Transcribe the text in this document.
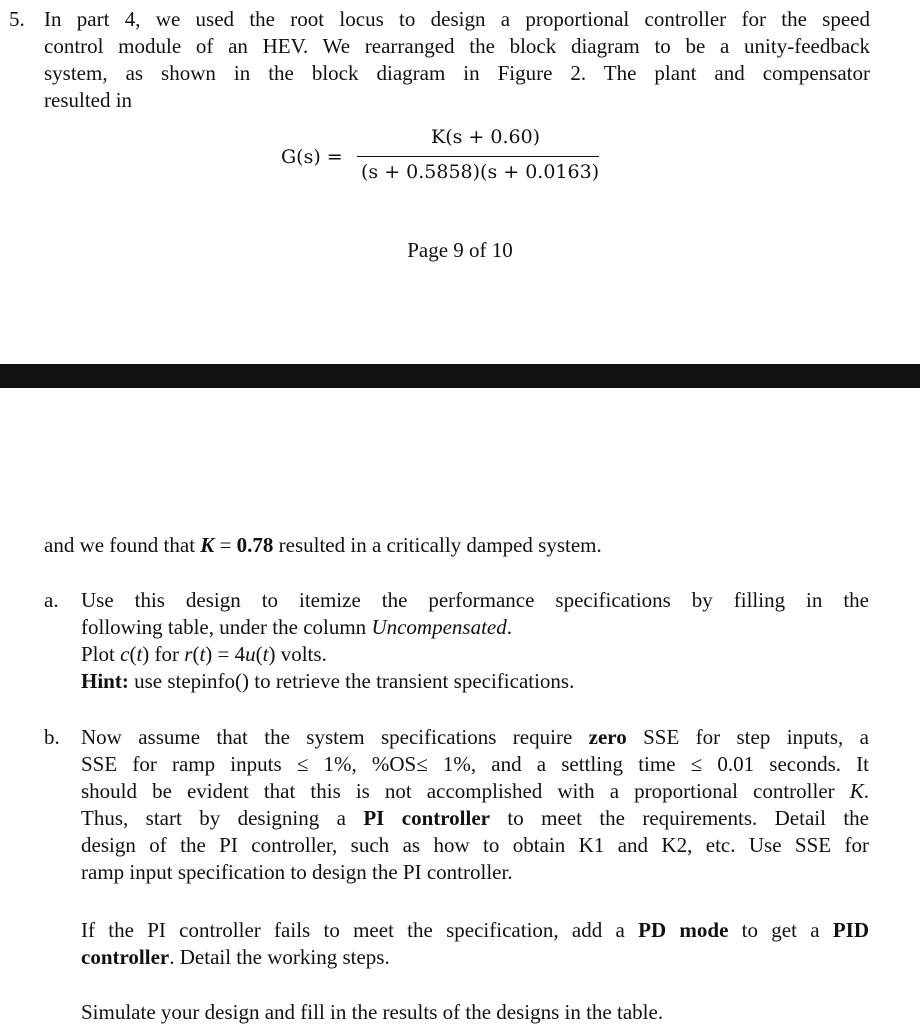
5. In part 4, we used the root locus to design a proportional controller for the speed
control module of an HEV. We rearranged the block diagram to be a unity-feedback
system, as shown in the block diagram in Figure 2. The plant and compensator
resulted in
G(s) =
K(s + 0.60)
(s + 0.5858)(s + 0.0163)
Page 9 of 10
and we found that K = 0.78 resulted in a critically damped system.
a. Use this design to itemize the performance specifications by filling in the
following table, under the column Uncompensated.
Plot c(t) for r(t) = 4u(t) volts.
Hint: use stepinfo() to retrieve the transient specifications.
b. Now assume that the system specifications require zero SSE for step inputs, a
SSE for ramp inputs ≤ 1%, %OS≤ 1%, and a settling time ≤ 0.01 seconds. It
should be evident that this is not accomplished with a proportional controller K.
Thus, start by designing a PI controller to meet the requirements. Detail the
design of the PI controller, such as how to obtain K1 and K2, etc. Use SSE for
ramp input specification to design the PI controller.
If the PI controller fails to meet the specification, add a PD mode to get a PID
controller. Detail the working steps.
Simulate your design and fill in the results of the designs in the table.
